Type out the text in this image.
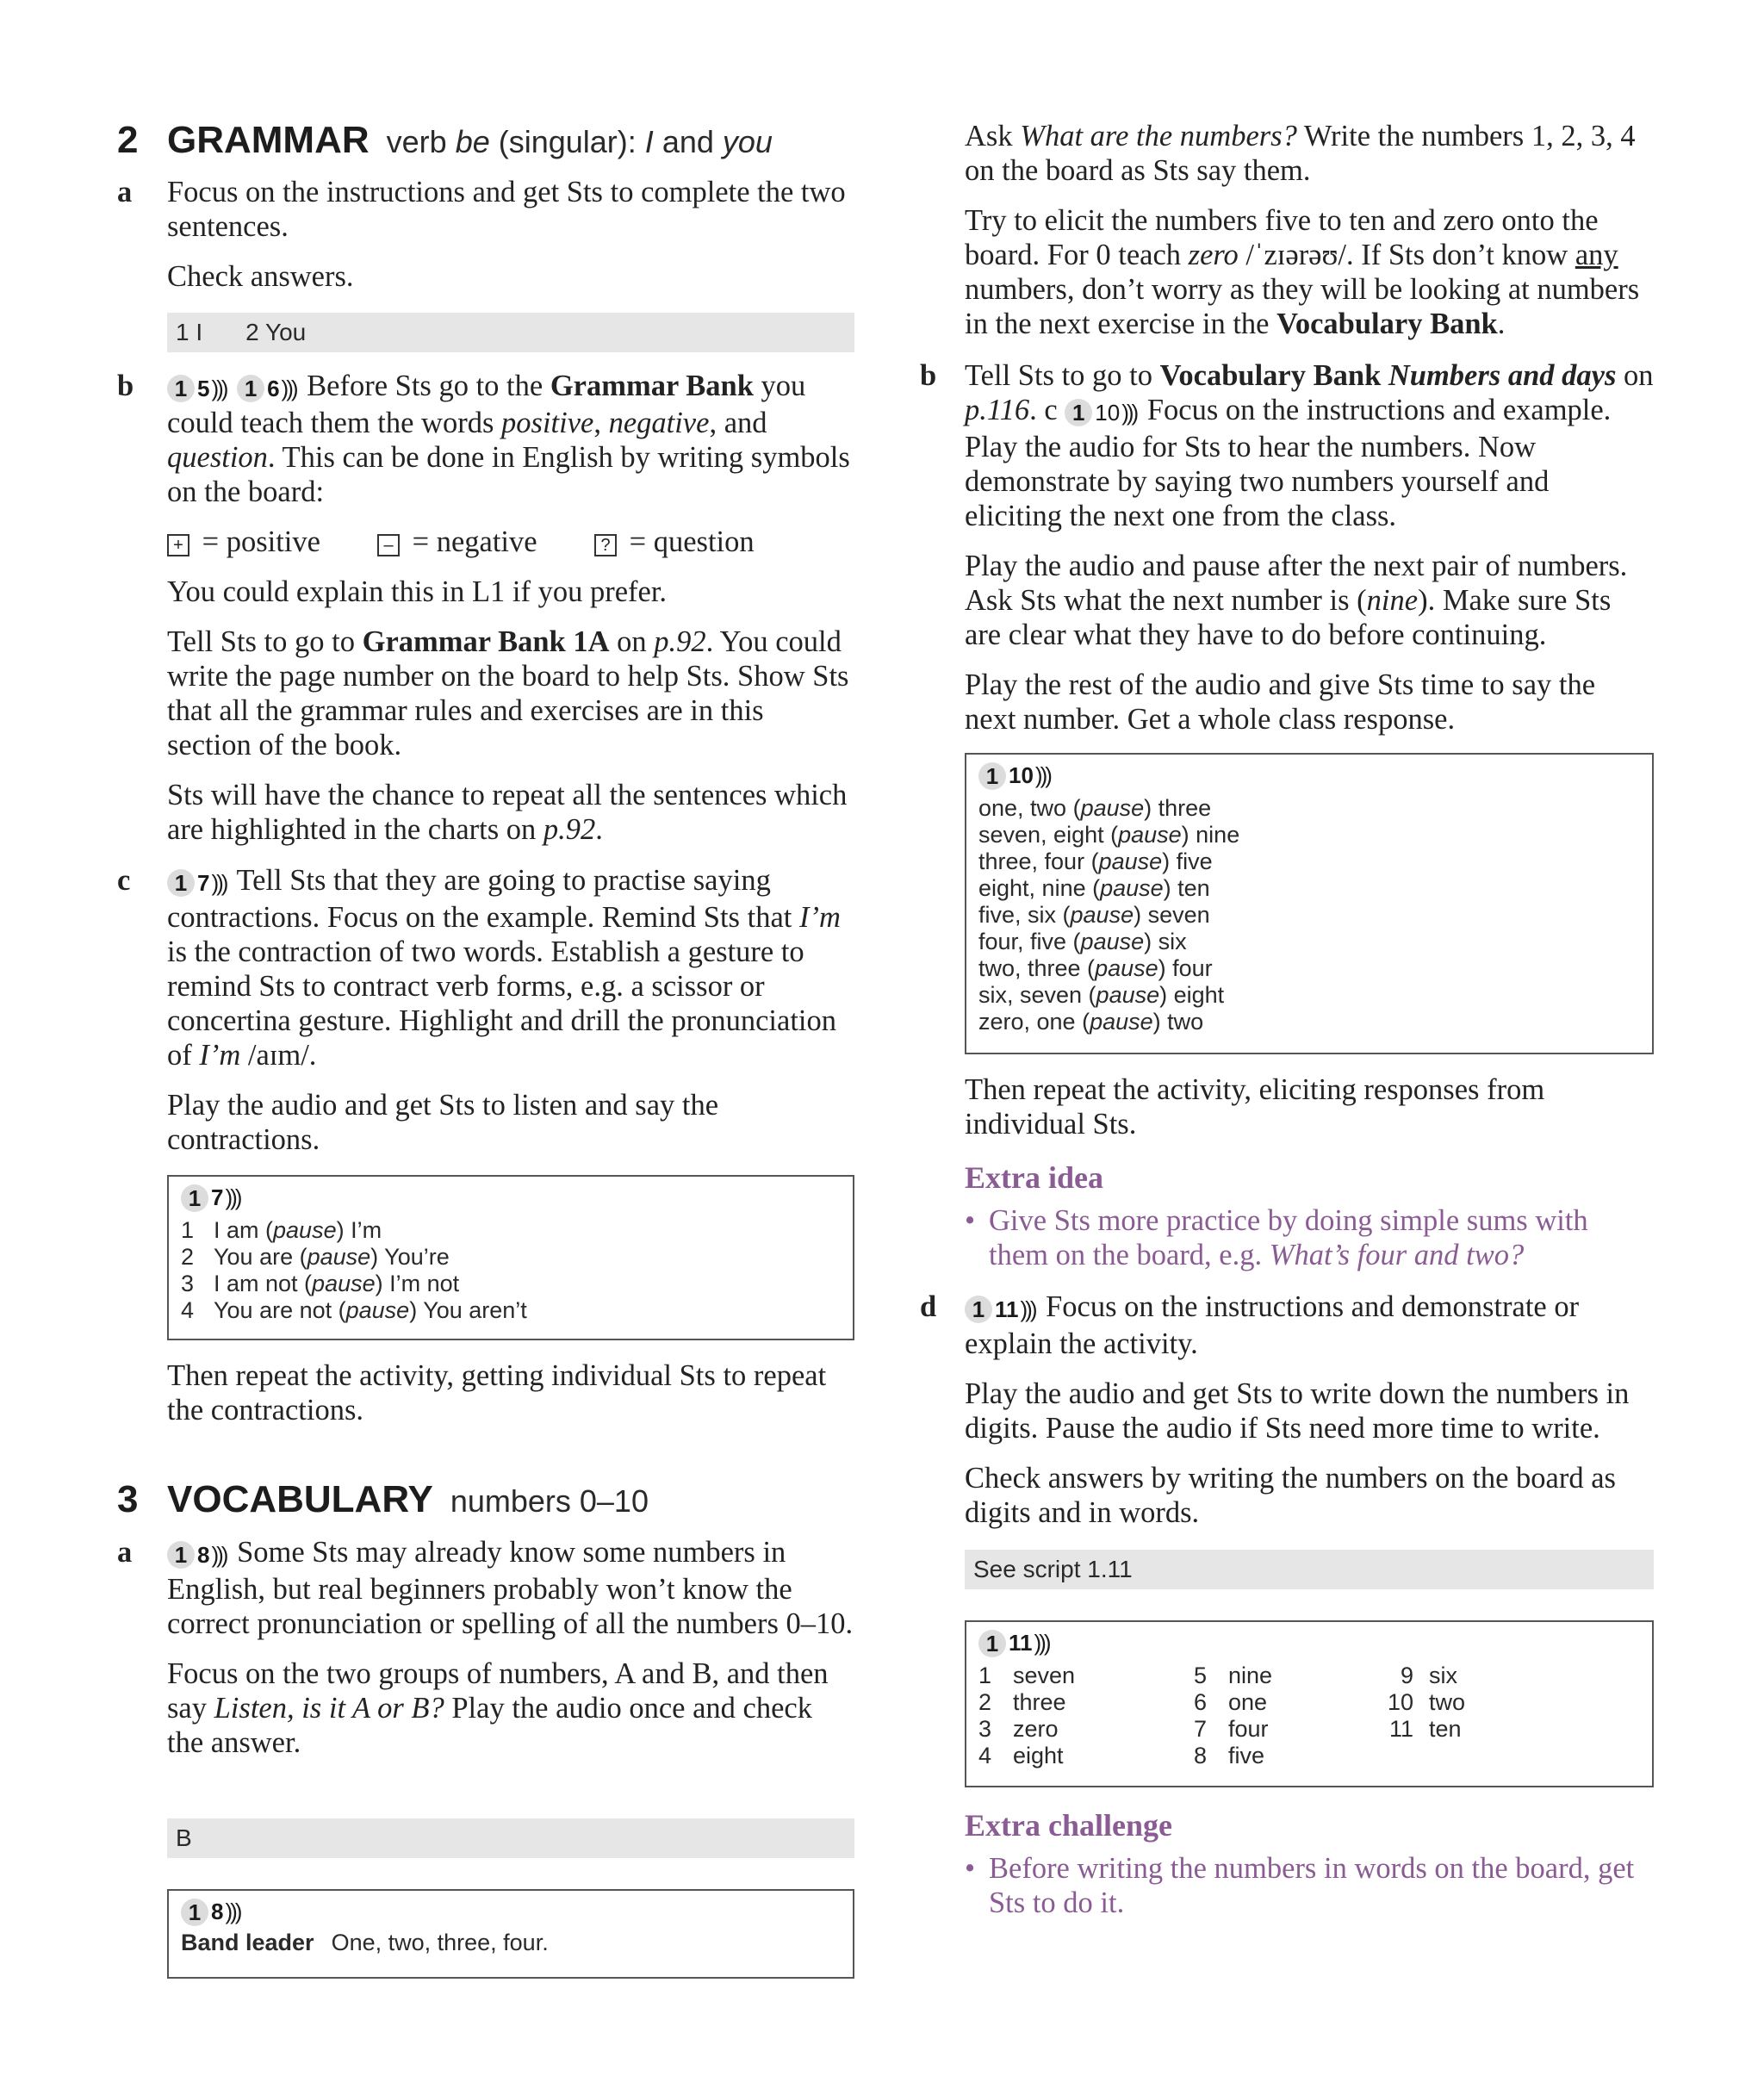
2 GRAMMAR verb be (singular): I and you
a Focus on the instructions and get Sts to complete the two sentences.

Check answers.

1 I 2 You
b	1 5 )))
1 6 ))) Before Sts go to the Grammar Bank you could teach them the words positive, negative, and question. This can be done in English by writing symbols on the board:

+ = positive	– = negative	? = question

You could explain this in L1 if you prefer.

Tell Sts to go to Grammar Bank 1A on p.92. You could write the page number on the board to help Sts. Show Sts that all the grammar rules and exercises are in this section of the book.

Sts will have the chance to repeat all the sentences which are highlighted in the charts on p.92.

c	1 7 ))) Tell Sts that they are going to practise saying contractions. Focus on the example. Remind Sts that I’m is the contraction of two words. Establish a gesture to remind Sts to contract verb forms, e.g. a scissor or concertina gesture. Highlight and drill the pronunciation of I’m /aɪm/.

Play the audio and get Sts to listen and say the contractions.

1 7 )))
1 I am (pause) I’m
2 You are (pause) You’re
3 I am not (pause) I’m not
4 You are not (pause) You aren’t

Then repeat the activity, getting individual Sts to repeat the contractions.

3 VOCABULARY numbers 0–10
a	1 8 ))) Some Sts may already know some numbers in English, but real beginners probably won’t know the correct pronunciation or spelling of all the numbers 0–10.

Focus on the two groups of numbers, A and B, and then say Listen, is it A or B? Play the audio once and check the answer.

B
1 8 )))
Band leader One, two, three, four.

Ask What are the numbers? Write the numbers 1, 2, 3, 4 on the board as Sts say them.

Try to elicit the numbers five to ten and zero onto the board. For 0 teach zero /ˈzɪərəʊ/. If Sts don’t know any numbers, don’t worry as they will be looking at numbers in the next exercise in the Vocabulary Bank.

b Tell Sts to go to Vocabulary Bank Numbers and days on p.116. c 1 10 ))) Focus on the instructions and example. Play the audio for Sts to hear the numbers. Now demonstrate by saying two numbers yourself and eliciting the next one from the class.

Play the audio and pause after the next pair of numbers. Ask Sts what the next number is (nine). Make sure Sts are clear what they have to do before continuing.

Play the rest of the audio and give Sts time to say the next number. Get a whole class response.

1 10 )))
one, two (pause) three
seven, eight (pause) nine
three, four (pause) five
eight, nine (pause) ten
five, six (pause) seven
four, five (pause) six
two, three (pause) four
six, seven (pause) eight
zero, one (pause) two

Then repeat the activity, eliciting responses from individual Sts.

Extra idea
• Give Sts more practice by doing simple sums with them on the board, e.g. What’s four and two?
d	1 11 ))) Focus on the instructions and demonstrate or explain the activity.

Play the audio and get Sts to write down the numbers in digits. Pause the audio if Sts need more time to write.

Check answers by writing the numbers on the board as digits and in words.

See script 1.11
1 11 )))
1 seven	5 nine	9 six
2 three	6 one	10 two
3 zero	7 four	11 ten
4 eight	8 five
Extra challenge
• Before writing the numbers in words on the board, get Sts to do it.
